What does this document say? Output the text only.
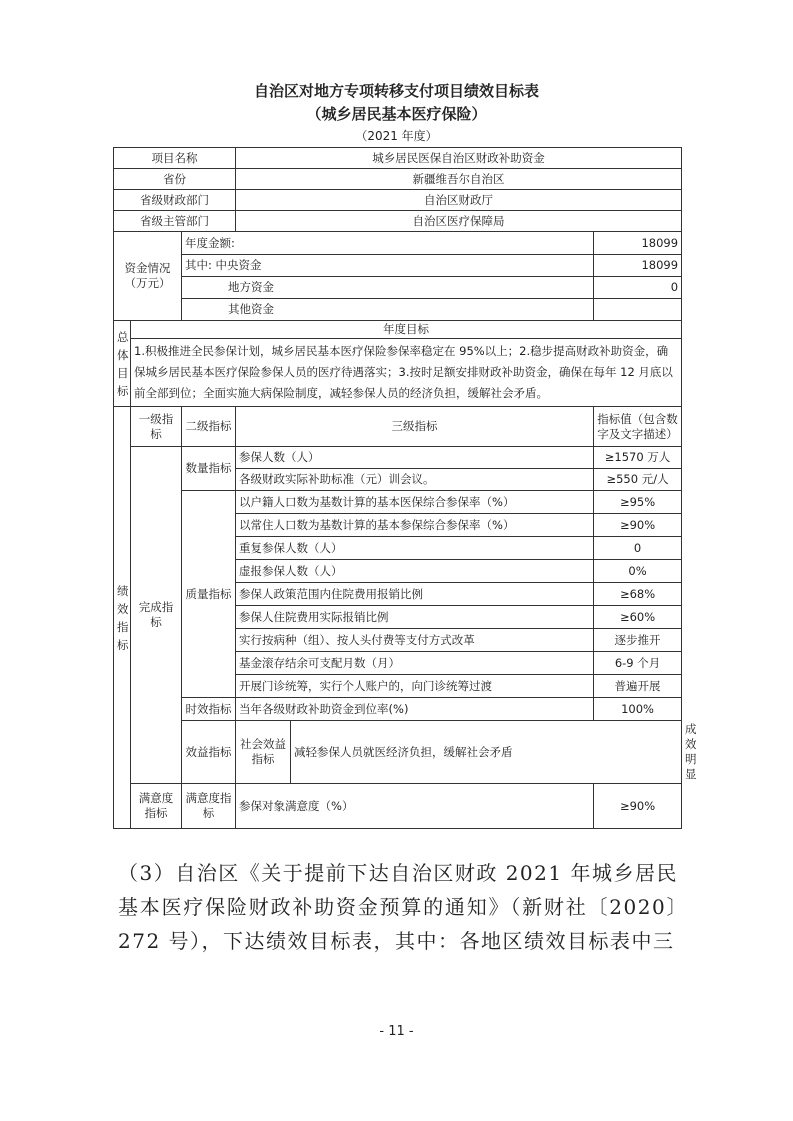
自治区对地方专项转移支付项目绩效目标表
（城乡居民基本医疗保险）
（2021 年度）
项目名称			城乡居民医保自治区财政补助资金			
省份			新疆维吾尔自治区			
省级财政部门			自治区财政厅			
省级主管部门			自治区医疗保障局			

资金情况
（万元）		年度金额:			18099	
		其中: 中央资金			18099	
		地方资金			0	
		其他资金				

总
体
目
标	年度目标					
	1.积极推进全民参保计划，城乡居民基本医疗保险参保率稳定在 95%以上；2.稳步提高财政补助资金，确保城乡居民基本医疗保险参保人员的医疗待遇落实；3.按时足额安排财政补助资金，确保在每年 12 月底以前全部到位；全面实施大病保险制度，减轻参保人员的经济负担，缓解社会矛盾。					

绩
效
指
标	一级指标	二级指标	三级指标		指标值（包含数字及文字描述）	
	完成指标	数量指标	参保人数（人）		≥1570 万人	
			各级财政实际补助标准（元）训会议。		≥550 元/人	
		质量指标	以户籍人口数为基数计算的基本医保综合参保率（%）		≥95%	
			以常住人口数为基数计算的基本参保综合参保率（%）		≥90%	
			重复参保人数（人）		0	
			虚报参保人数（人）		0%	
			参保人政策范围内住院费用报销比例		≥68%	
			参保人住院费用实际报销比例		≥60%	
			实行按病种（组）、按人头付费等支付方式改革		逐步推开	
			基金滚存结余可支配月数（月）		6-9 个月	
			开展门诊统筹，实行个人账户的，向门诊统筹过渡		普遍开展	
		时效指标	当年各级财政补助资金到位率(%)		100%	
		效益指标	社会效益指标	减轻参保人员就医经济负担，缓解社会矛盾		成效明显
	满意度指标	满意度指标	参保对象满意度（%）		≥90%	
（3）自治区《关于提前下达自治区财政 2021 年城乡居民基本医疗保险财政补助资金预算的通知》（新财社〔2020〕272 号），下达绩效目标表，其中：各地区绩效目标表中三
- 11 -
